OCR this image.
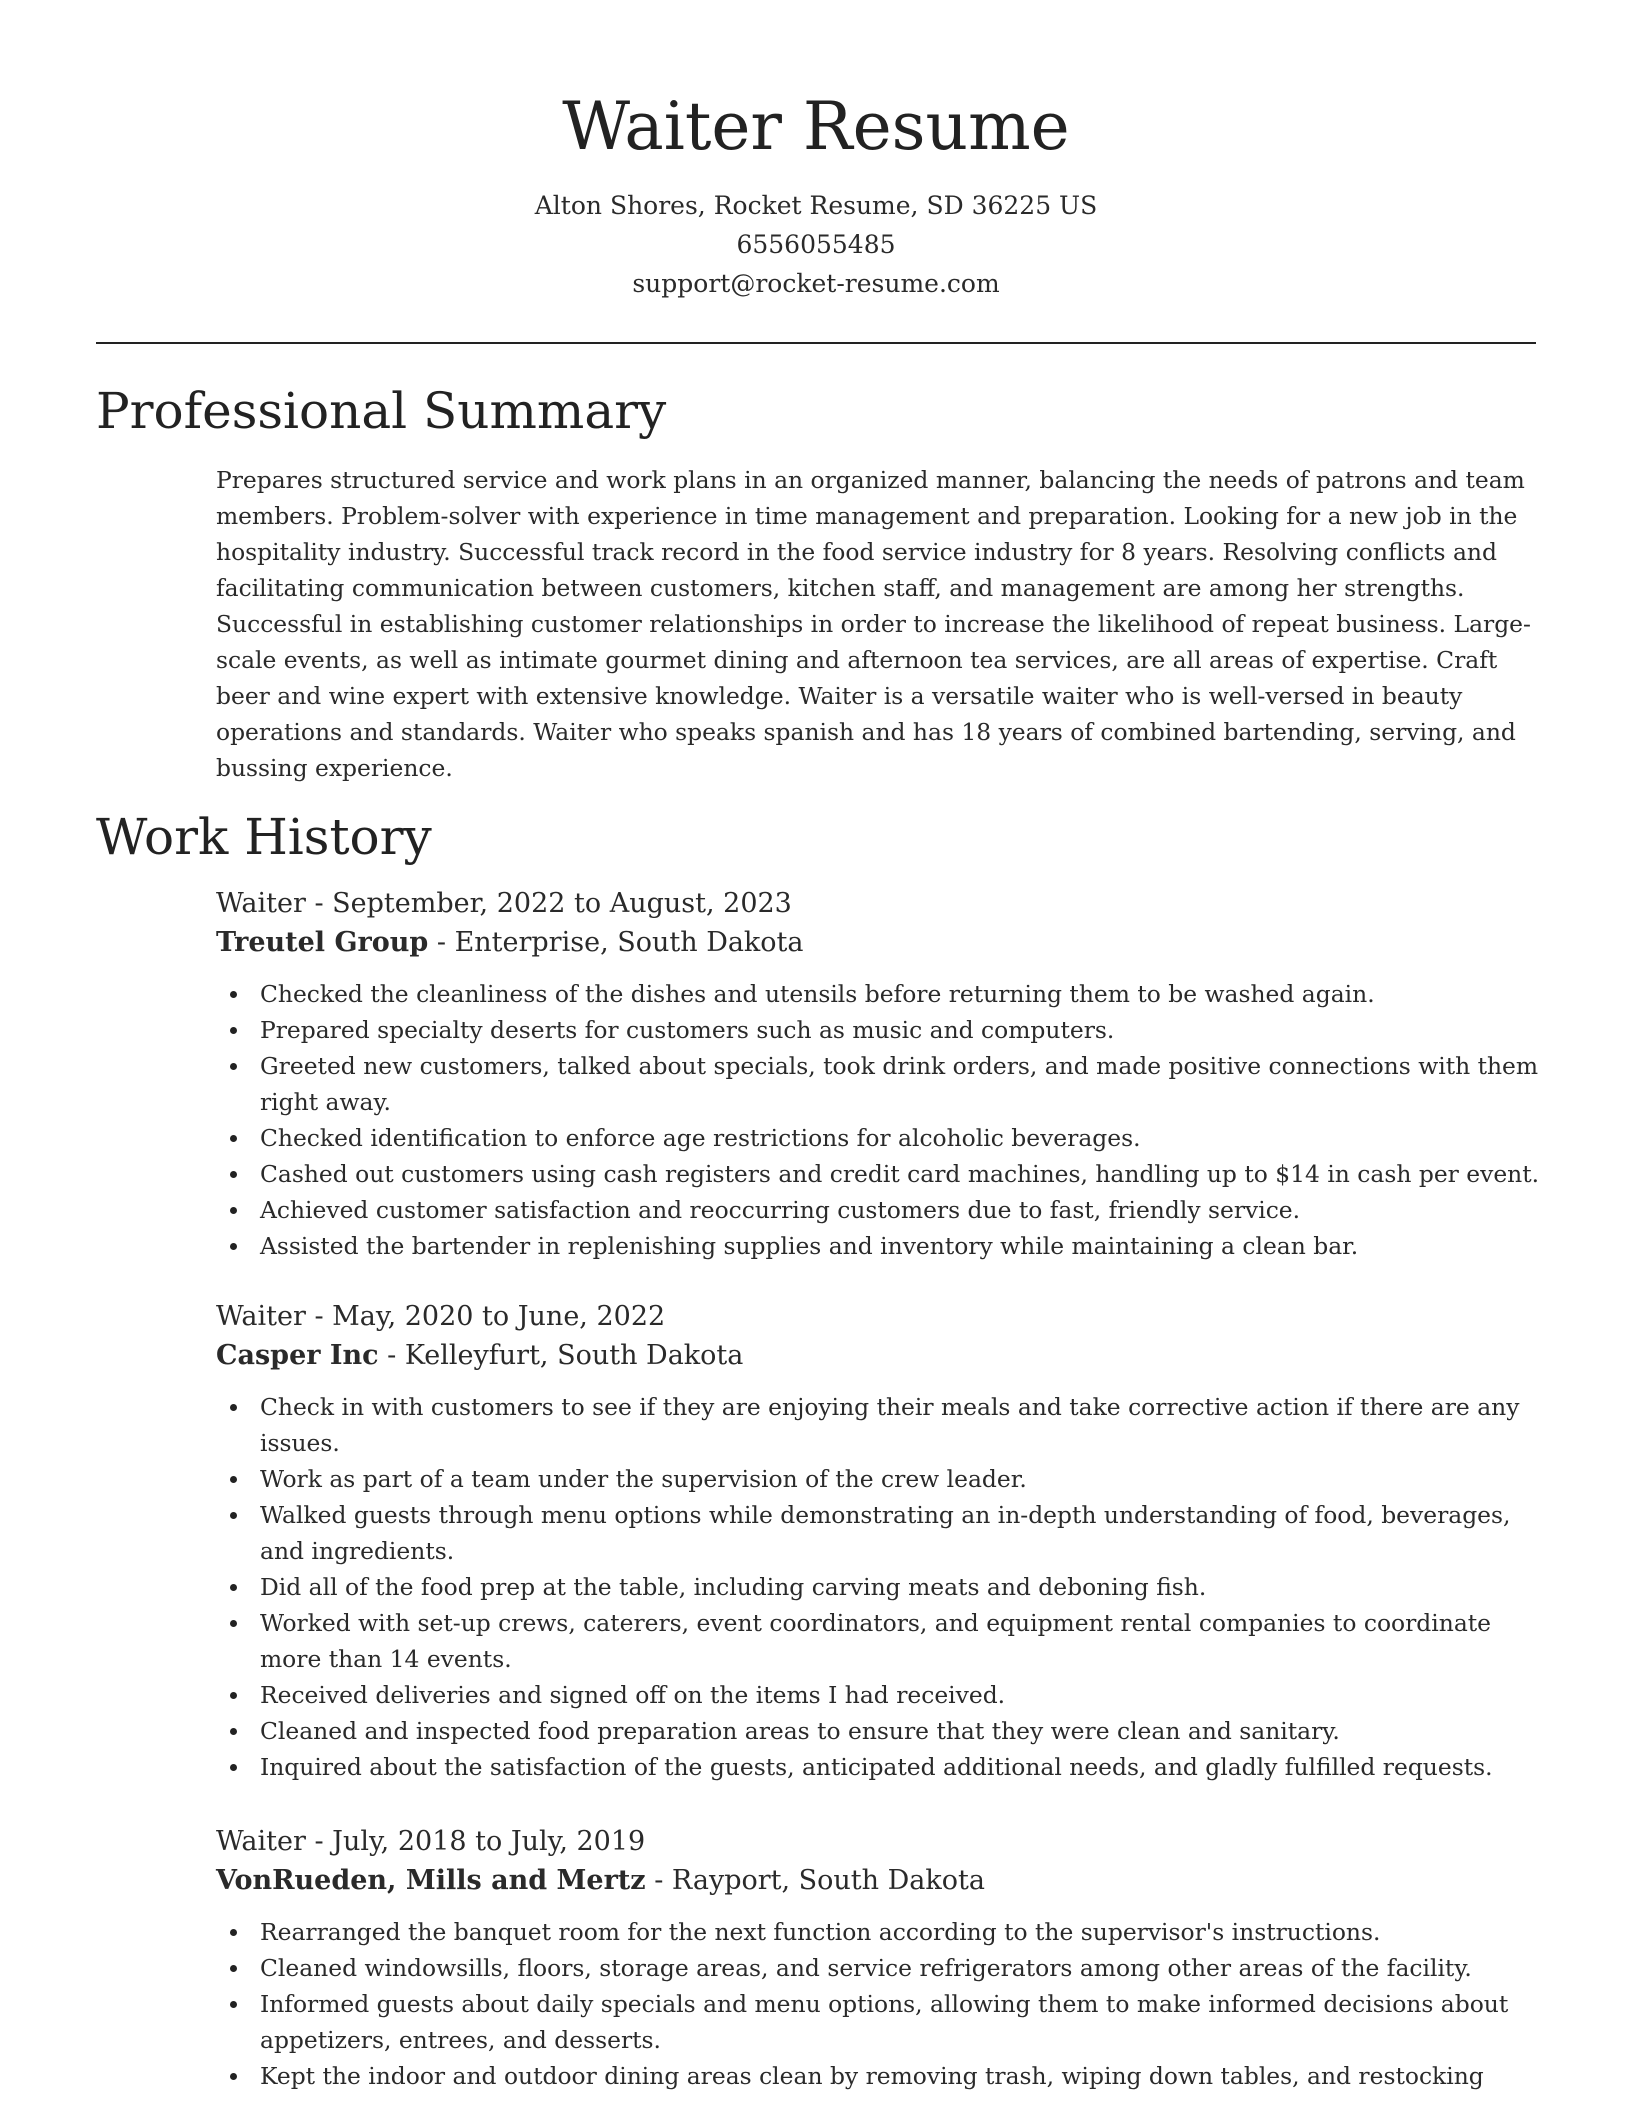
Waiter Resume
Alton Shores, Rocket Resume, SD 36225 US
6556055485
support@rocket-resume.com
Professional Summary

Prepares structured service and work plans in an organized manner, balancing the needs of patrons and team members. Problem-solver with experience in time management and preparation. Looking for a new job in the hospitality industry. Successful track record in the food service industry for 8 years. Resolving conflicts and facilitating communication between customers, kitchen staff, and management are among her strengths. Successful in establishing customer relationships in order to increase the likelihood of repeat business. Large-scale events, as well as intimate gourmet dining and afternoon tea services, are all areas of expertise. Craft beer and wine expert with extensive knowledge. Waiter is a versatile waiter who is well-versed in beauty operations and standards. Waiter who speaks spanish and has 18 years of combined bartending, serving, and bussing experience.

Work History
Waiter - September, 2022 to August, 2023
Treutel Group - Enterprise, South Dakota
Checked the cleanliness of the dishes and utensils before returning them to be washed again.
Prepared specialty deserts for customers such as music and computers.
Greeted new customers, talked about specials, took drink orders, and made positive connections with them right away.
Checked identification to enforce age restrictions for alcoholic beverages.
Cashed out customers using cash registers and credit card machines, handling up to $14 in cash per event.
Achieved customer satisfaction and reoccurring customers due to fast, friendly service.
Assisted the bartender in replenishing supplies and inventory while maintaining a clean bar.
Waiter - May, 2020 to June, 2022
Casper Inc - Kelleyfurt, South Dakota
Check in with customers to see if they are enjoying their meals and take corrective action if there are any issues.
Work as part of a team under the supervision of the crew leader.
Walked guests through menu options while demonstrating an in-depth understanding of food, beverages, and ingredients.
Did all of the food prep at the table, including carving meats and deboning fish.
Worked with set-up crews, caterers, event coordinators, and equipment rental companies to coordinate more than 14 events.
Received deliveries and signed off on the items I had received.
Cleaned and inspected food preparation areas to ensure that they were clean and sanitary.
Inquired about the satisfaction of the guests, anticipated additional needs, and gladly fulfilled requests.
Waiter - July, 2018 to July, 2019
VonRueden, Mills and Mertz - Rayport, South Dakota
Rearranged the banquet room for the next function according to the supervisor's instructions.
Cleaned windowsills, floors, storage areas, and service refrigerators among other areas of the facility.
Informed guests about daily specials and menu options, allowing them to make informed decisions about appetizers, entrees, and desserts.
Kept the indoor and outdoor dining areas clean by removing trash, wiping down tables, and restocking
